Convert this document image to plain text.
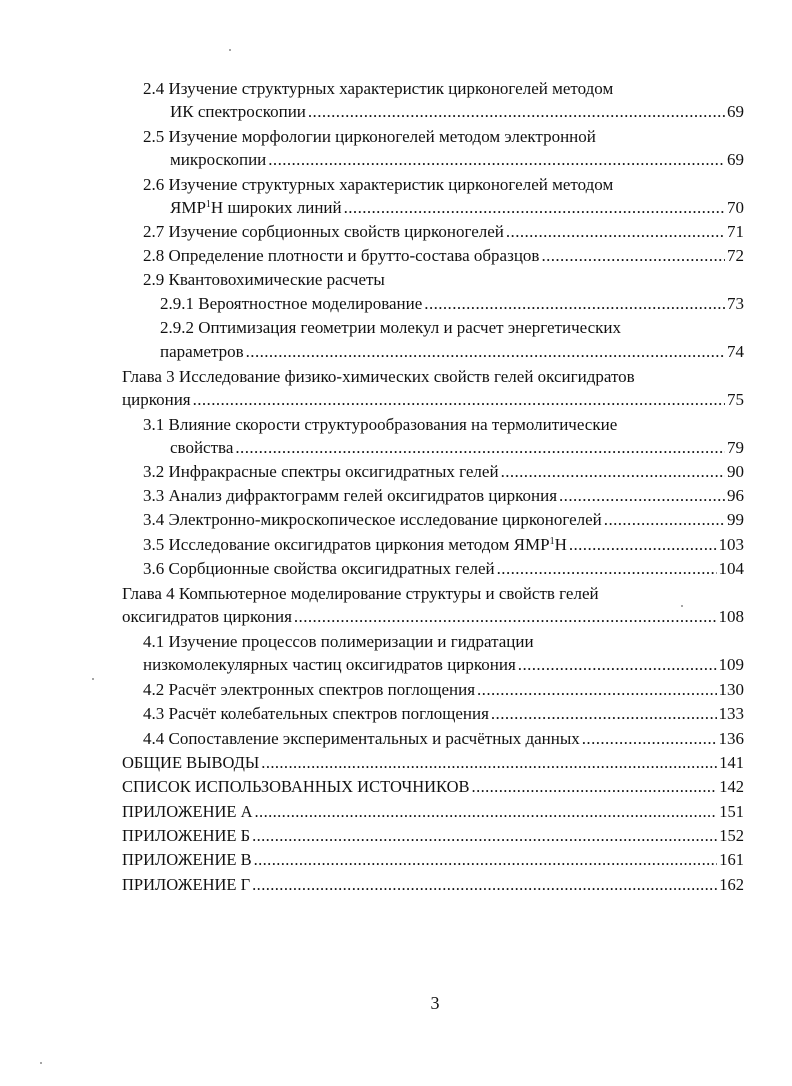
2.4 Изучение структурных характеристик цирконогелей методом
ИК спектроскопии .....	69
2.5 Изучение морфологии цирконогелей методом электронной
микроскопии .....	69
2.6 Изучение структурных характеристик цирконогелей методом
ЯМР$^1$Н широких линий .....	70
2.7 Изучение сорбционных свойств цирконогелей .....	71
2.8 Определение плотности и брутто-состава образцов .....	72
2.9 Квантовохимические расчеты
2.9.1 Вероятностное моделирование .....	73
2.9.2 Оптимизация геометрии молекул и расчет энергетических
параметров .....	74
Глава 3 Исследование физико-химических свойств гелей оксигидратов
циркония .....	75
3.1 Влияние скорости структурообразования на термолитические
свойства .....	79
3.2 Инфракрасные спектры оксигидратных гелей .....	90
3.3 Анализ дифрактограмм гелей оксигидратов циркония .....	96
3.4 Электронно-микроскопическое исследование цирконогелей .....	99
3.5 Исследование оксигидратов циркония методом ЯМР$^1$Н .....	103
3.6 Сорбционные свойства оксигидратных гелей .....	104
Глава 4 Компьютерное моделирование структуры и свойств гелей
оксигидратов циркония .....	108
4.1 Изучение процессов полимеризации и гидратации
низкомолекулярных частиц оксигидратов циркония .....	109
4.2 Расчёт электронных спектров поглощения .....	130
4.3 Расчёт колебательных спектров поглощения .....	133
4.4 Сопоставление экспериментальных и расчётных данных .....	136
ОБЩИЕ ВЫВОДЫ .....	141
СПИСОК ИСПОЛЬЗОВАННЫХ ИСТОЧНИКОВ .....	142
ПРИЛОЖЕНИЕ А .....	151
ПРИЛОЖЕНИЕ Б .....	152
ПРИЛОЖЕНИЕ В .....	161
ПРИЛОЖЕНИЕ Г .....	162
3
